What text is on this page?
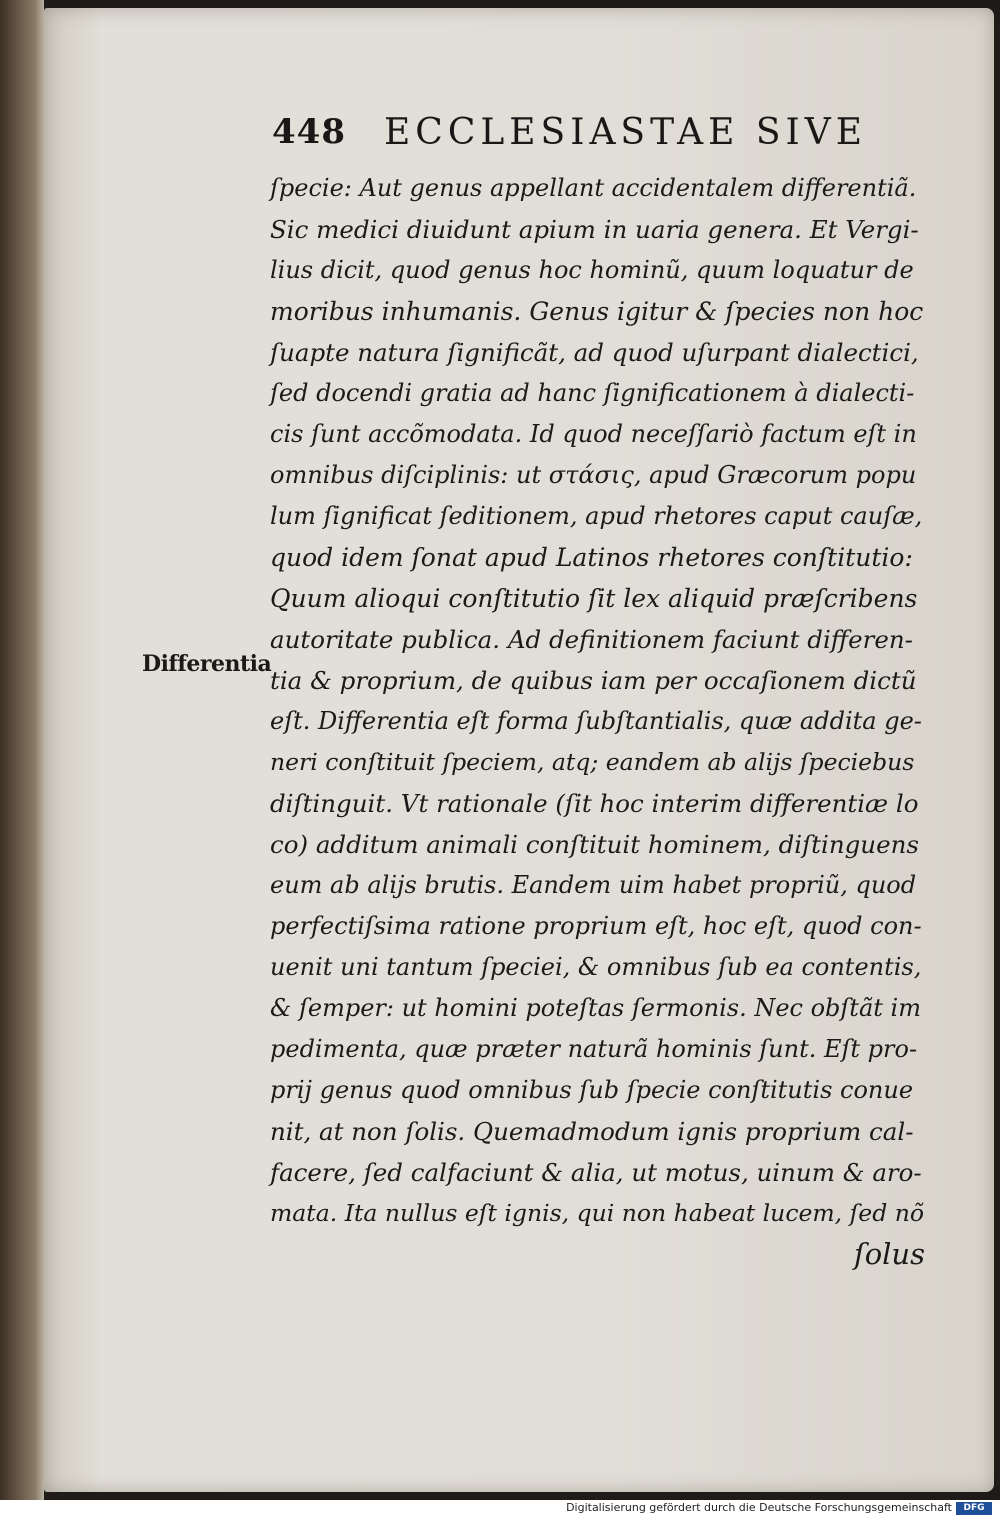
448 ECCLESIASTAE SIVE
Differentia
ſpecie: Aut genus appellant accidentalem differentiã.
Sic medici diuidunt apium in uaria genera. Et Vergi-
lius dicit, quod genus hoc hominũ, quum loquatur de
moribus inhumanis. Genus igitur & ſpecies non hoc
ſuapte natura ſignificãt, ad quod uſurpant dialectici,
ſed docendi gratia ad hanc ſignificationem à dialecti-
cis ſunt accõmodata. Id quod neceſſariò factum eſt in
omnibus diſciplinis: ut στάσις, apud Græcorum popu
lum ſignificat ſeditionem, apud rhetores caput cauſæ,
quod idem ſonat apud Latinos rhetores conſtitutio:
Quum alioqui conſtitutio ſit lex aliquid præſcribens
autoritate publica. Ad definitionem faciunt differen-
tia & proprium, de quibus iam per occaſionem dictũ
eſt. Differentia eſt forma ſubſtantialis, quæ addita ge-
neri conſtituit ſpeciem, atq; eandem ab alijs ſpeciebus
diſtinguit. Vt rationale (ſit hoc interim differentiæ lo
co) additum animali conſtituit hominem, diſtinguens
eum ab alijs brutis. Eandem uim habet propriũ, quod
perfectiſsima ratione proprium eſt, hoc eſt, quod con-
uenit uni tantum ſpeciei, & omnibus ſub ea contentis,
& ſemper: ut homini poteſtas ſermonis. Nec obſtãt im
pedimenta, quæ præter naturã hominis ſunt. Eſt pro-
prij genus quod omnibus ſub ſpecie conſtitutis conue
nit, at non ſolis. Quemadmodum ignis proprium cal-
facere, ſed calfaciunt & alia, ut motus, uinum & aro-
mata. Ita nullus eſt ignis, qui non habeat lucem, ſed nõ
ſolus
Digitalisierung gefördert durch die Deutsche Forschungsgemeinschaft	DFG
